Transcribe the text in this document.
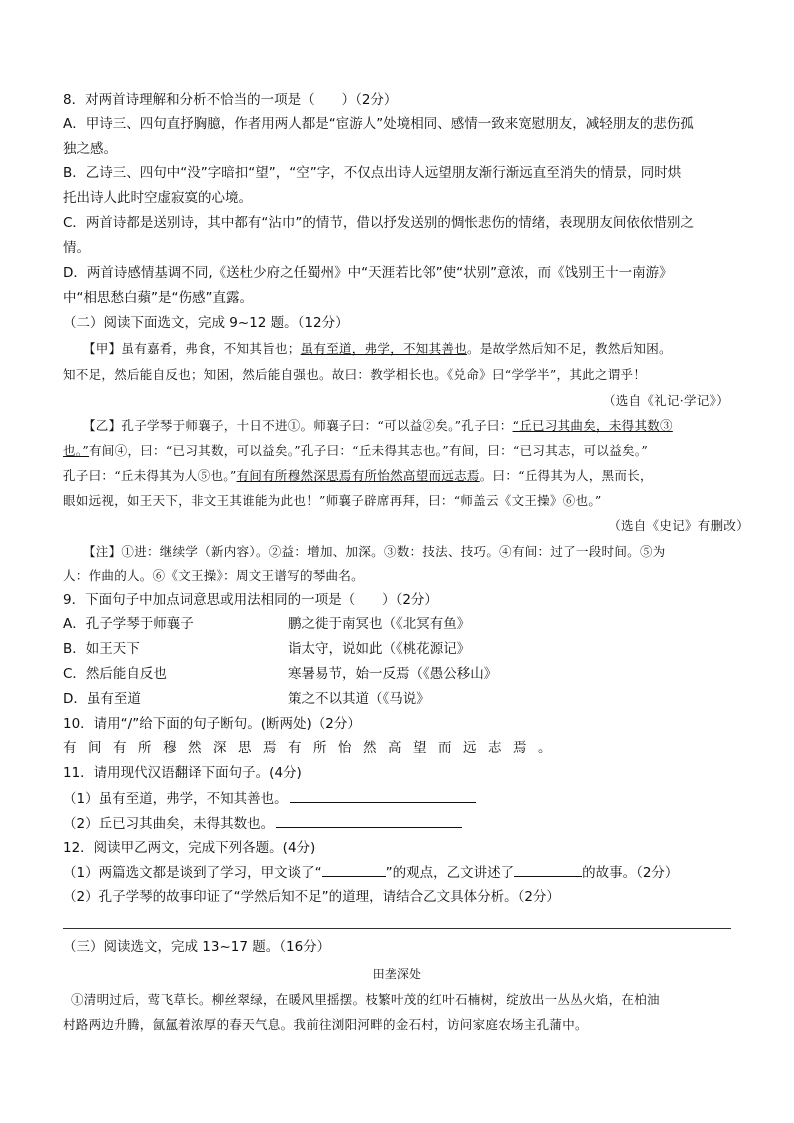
8．对两首诗理解和分析不恰当的一项是（　　）（2分）
A．甲诗三、四句直抒胸臆，作者用两人都是“宦游人”处境相同、感情一致来宽慰朋友，减轻朋友的悲伤孤
独之感。
B．乙诗三、四句中“没”字暗扣“望”，“空”字，不仅点出诗人远望朋友渐行渐远直至消失的情景，同时烘
托出诗人此时空虚寂寞的心境。
C．两首诗都是送别诗，其中都有“沾巾”的情节，借以抒发送别的惆怅悲伤的情绪，表现朋友间依依惜别之
情。
D．两首诗感情基调不同,《送杜少府之任蜀州》中“天涯若比邻”使“状别”意浓，而《饯别王十一南游》
中“相思愁白蘋”是“伤感”直露。
（二）阅读下面选文，完成 9~12 题。（12分）
【甲】虽有嘉肴，弗食，不知其旨也；虽有至道，弗学，不知其善也。是故学然后知不足，教然后知困。
知不足，然后能自反也；知困，然后能自强也。故曰：教学相长也。《兑命》曰“学学半”，其此之谓乎！
（选自《礼记·学记》）
【乙】孔子学琴于师襄子，十日不进①。师襄子曰：“可以益②矣。”孔子曰：“丘已习其曲矣，未得其数③
也。”有间④，曰：“已习其数，可以益矣。”孔子曰：“丘未得其志也。”有间，曰：“已习其志，可以益矣。”
孔子曰：“丘未得其为人⑤也。”有间有所穆然深思焉有所怡然高望而远志焉。曰：“丘得其为人，黑而长，
眼如远视，如王天下，非文王其谁能为此也！”师襄子辟席再拜，曰：“师盖云《文王操》⑥也。”
（选自《史记》有删改）
【注】①进：继续学（新内容）。②益：增加、加深。③数：技法、技巧。④有间：过了一段时间。⑤为
人：作曲的人。⑥《文王操》：周文王谱写的琴曲名。
9．下面句子中加点词意思或用法相同的一项是（　　）（2分）
A．孔子学琴于师襄子	鹏之徙于南冥也（《北冥有鱼》
B．如王天下	诣太守，说如此（《桃花源记》
C．然后能自反也	寒暑易节，始一反焉（《愚公移山》
D．虽有至道	策之不以其道（《马说》
10．请用“/”给下面的句子断句。(断两处)（2分）
有间有所穆然深思焉有所怡然高望而远志焉。
11．请用现代汉语翻译下面句子。(4分)
（1）虽有至道，弗学，不知其善也。
（2）丘已习其曲矣，未得其数也。
12．阅读甲乙两文，完成下列各题。(4分)
（1）两篇选文都是谈到了学习，甲文谈了“	”的观点，乙文讲述了	的故事。（2分）
（2）孔子学琴的故事印证了“学然后知不足”的道理，请结合乙文具体分析。（2分）
（三）阅读选文，完成 13~17 题。（16分）
田垄深处
①清明过后，莺飞草长。柳丝翠绿，在暖风里摇摆。枝繁叶茂的红叶石楠树，绽放出一丛丛火焰，在柏油
村路两边升腾，氤氲着浓厚的春天气息。我前往浏阳河畔的金石村，访问家庭农场主孔蒲中。
